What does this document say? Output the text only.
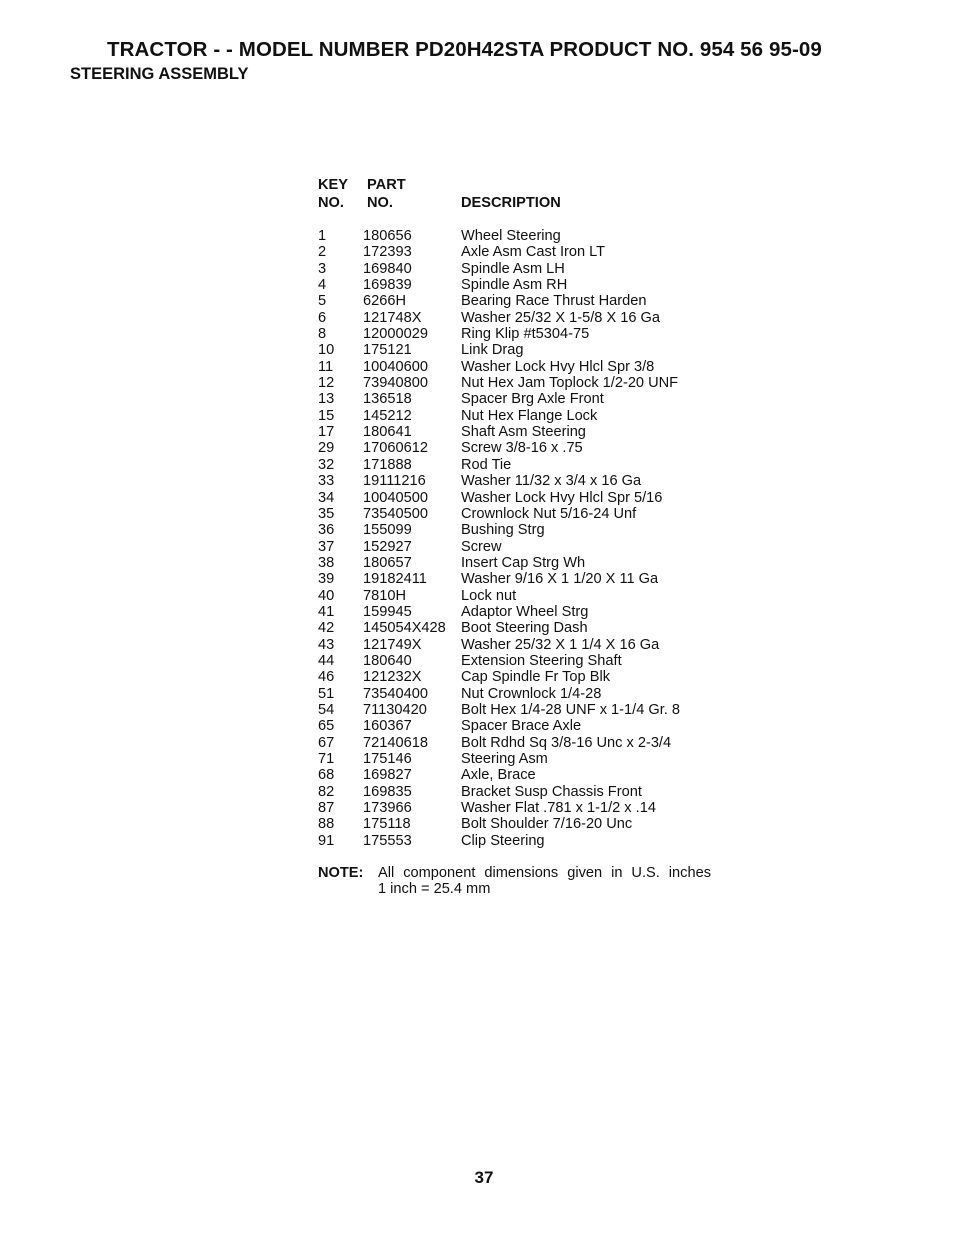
TRACTOR - - MODEL NUMBER PD20H42STA PRODUCT NO. 954 56 95-09
STEERING ASSEMBLY
KEY PART
NO. NO.	DESCRIPTION
1	180656	Wheel Steering
2	172393	Axle Asm Cast Iron LT
3	169840	Spindle Asm LH
4	169839	Spindle Asm RH
5	6266H	Bearing Race Thrust Harden
6	121748X	Washer 25/32 X 1-5/8 X 16 Ga
8	12000029 Ring Klip #t5304-75
10 175121	Link Drag
11 10040600 Washer Lock Hvy Hlcl Spr 3/8
12 73940800 Nut Hex Jam Toplock 1/2-20 UNF
13 136518	Spacer Brg Axle Front
15 145212	Nut Hex Flange Lock
17 180641	Shaft Asm Steering
29 17060612 Screw 3/8-16 x .75
32 171888	Rod Tie
33 19111216 Washer 11/32 x 3/4 x 16 Ga
34 10040500 Washer Lock Hvy Hlcl Spr 5/16
35 73540500 Crownlock Nut 5/16-24 Unf
36 155099	Bushing Strg
37 152927	Screw
38 180657	Insert Cap Strg Wh
39 19182411 Washer 9/16 X 1 1/20 X 11 Ga
40 7810H	Lock nut
41 159945	Adaptor Wheel Strg
42 145054X428 Boot Steering Dash
43 121749X	Washer 25/32 X 1 1/4 X 16 Ga
44 180640	Extension Steering Shaft
46 121232X	Cap Spindle Fr Top Blk
51 73540400 Nut Crownlock 1/4-28
54 71130420 Bolt Hex 1/4-28 UNF x 1-1/4 Gr. 8
65 160367	Spacer Brace Axle
67 72140618 Bolt Rdhd Sq 3/8-16 Unc x 2-3/4
71 175146	Steering Asm
68 169827	Axle, Brace
82 169835	Bracket Susp Chassis Front
87 173966	Washer Flat .781 x 1-1/2 x .14
88 175118	Bolt Shoulder 7/16-20 Unc
91 175553	Clip Steering
NOTE: All component dimensions given in U.S. inches
1 inch = 25.4 mm
37
